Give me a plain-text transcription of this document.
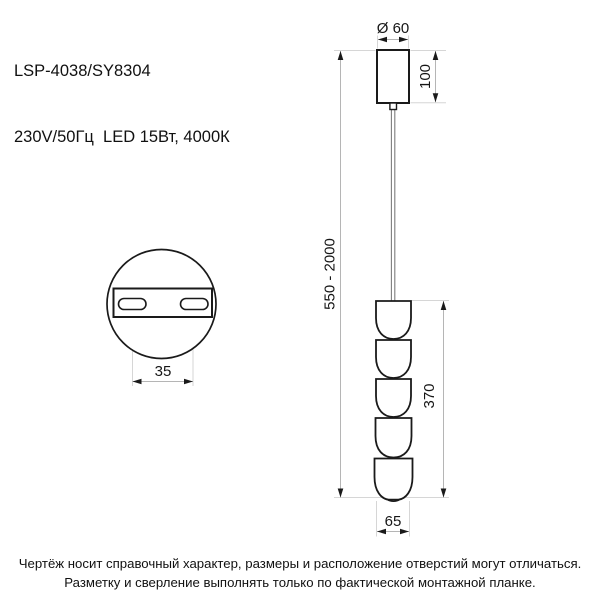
LSP-4038/SY8304

230V/50Гц  LED 15Вт, 4000К

Ø 60
100
550 - 2000
370
65
35
Чертёж носит справочный характер, размеры и расположение отверстий могут отличаться.
Разметку и сверление выполнять только по фактической монтажной планке.
